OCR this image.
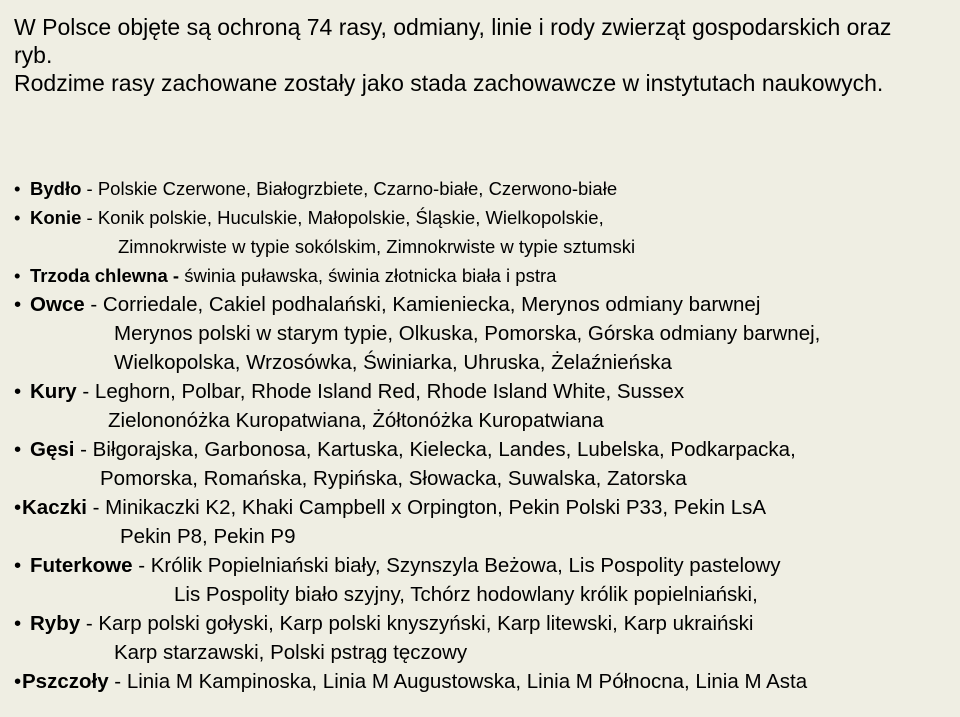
W Polsce objęte są ochroną 74 rasy, odmiany, linie i rody zwierząt gospodarskich oraz ryb.

Rodzime rasy zachowane zostały jako stada zachowawcze w instytutach naukowych.

• Bydło - Polskie Czerwone, Białogrzbiete, Czarno-białe, Czerwono-białe
• Konie - Konik polskie, Huculskie, Małopolskie, Śląskie, Wielkopolskie,
Zimnokrwiste w typie sokólskim, Zimnokrwiste w typie sztumski
• Trzoda chlewna - świnia puławska, świnia złotnicka biała i pstra
• Owce - Corriedale, Cakiel podhalański, Kamieniecka, Merynos odmiany barwnej
Merynos polski w starym typie, Olkuska, Pomorska, Górska odmiany barwnej,
Wielkopolska, Wrzosówka, Świniarka, Uhruska, Żelaźnieńska
• Kury - Leghorn, Polbar, Rhode Island Red, Rhode Island White, Sussex
Zielononóżka Kuropatwiana, Żółtonóżka Kuropatwiana
• Gęsi - Biłgorajska, Garbonosa, Kartuska, Kielecka, Landes, Lubelska, Podkarpacka,
Pomorska, Romańska, Rypińska, Słowacka, Suwalska, Zatorska
•Kaczki - Minikaczki K2, Khaki Campbell x Orpington, Pekin Polski P33, Pekin LsA
Pekin P8, Pekin P9
• Futerkowe - Królik Popielniański biały, Szynszyla Beżowa, Lis Pospolity pastelowy
Lis Pospolity biało szyjny, Tchórz hodowlany królik popielniański,
• Ryby - Karp polski gołyski, Karp polski knyszyński, Karp litewski, Karp ukraiński
Karp starzawski, Polski pstrąg tęczowy
•Pszczoły - Linia M Kampinoska, Linia M Augustowska, Linia M Północna, Linia M Asta
